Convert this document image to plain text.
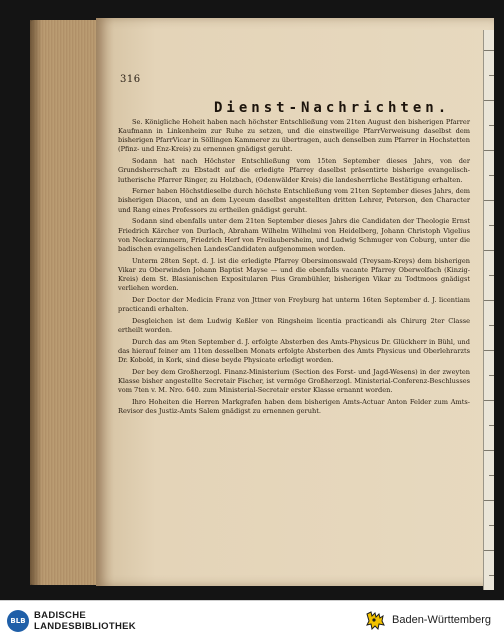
316
Dienst-Nachrichten.

Se. Königliche Hoheit haben nach höchster Entschließung vom 21ten August den bisherigen Pfarrer Kaufmann in Linkenheim zur Ruhe zu setzen, und die einstweilige PfarrVerweisung daselbst dem bisherigen PfarrVicar in Söllingen Kammerer zu übertragen, auch denselben zum Pfarrer in Hochstetten (Pfinz- und Enz-Kreis) zu ernennen gnädigst geruht.

Sodann hat nach Höchster Entschließung vom 15ten September dieses Jahrs, von der Grundsherrschaft zu Ebstadt auf die erledigte Pfarrey daselbst präsentirte bisherige evangelisch-lutherische Pfarrer Ringer, zu Holzbach, (Odenwälder Kreis) die landesherrliche Bestätigung erhalten.

Ferner haben Höchstdieselbe durch höchste Entschließung vom 21ten September dieses Jahrs, dem bisherigen Diacon, und an dem Lyceum daselbst angestellten dritten Lehrer, Peterson, den Character und Rang eines Professors zu ertheilen gnädigst geruht.

Sodann sind ebenfalls unter dem 21ten September dieses Jahrs die Candidaten der Theologie Ernst Friedrich Kärcher von Durlach, Abraham Wilhelm Wilhelmi von Heidelberg, Johann Christoph Vigelius von Neckarzimmern, Friedrich Herf von Freilaubersheim, und Ludwig Schmuger von Coburg, unter die badischen evangelischen LandesCandidaten aufgenommen worden.

Unterm 28ten Sept. d. J. ist die erledigte Pfarrey Obersimonswald (Treysam-Kreys) dem bisherigen Vikar zu Oberwinden Johann Baptist Mayse — und die ebenfalls vacante Pfarrey Oberwolfach (Kinzig-Kreis) dem St. Blasianischen Expositularen Pius Grambühler, bisherigen Vikar zu Todtmoos gnädigst verliehen worden.

Der Doctor der Medicin Franz von Jttner von Freyburg hat unterm 16ten September d. J. licentiam practicandi erhalten.

Desgleichen ist dem Ludwig Keßler von Ringsheim licentia practicandi als Chirurg 2ter Classe ertheilt worden.

Durch das am 9ten September d. J. erfolgte Absterben des Amts-Physicus Dr. Glückherr in Bühl, und das hierauf feiner am 11ten desselben Monats erfolgte Absterben des Amts Physicus und Oberlehrarzts Dr. Kobold, in Kork, sind diese beyde Physicate erledigt worden.

Der bey dem Großherzogl. Finanz-Ministerium (Section des Forst- und Jagd-Wesens) in der zweyten Klasse bisher angestellte Secretair Fischer, ist vermöge Großherzogl. Ministerial-Conferenz-Beschlusses vom 7ten v. M. Nro. 640. zum Ministerial-Secretair erster Klasse ernannt worden.

Ihro Hoheiten die Herren Markgrafen haben dem bisherigen Amts-Actuar Anton Felder zum Amts-Revisor des Justiz-Amts Salem gnädigst zu ernennen geruht.

BLB BADISCHE
LANDESBIBLIOTHEK
Baden-Württemberg
